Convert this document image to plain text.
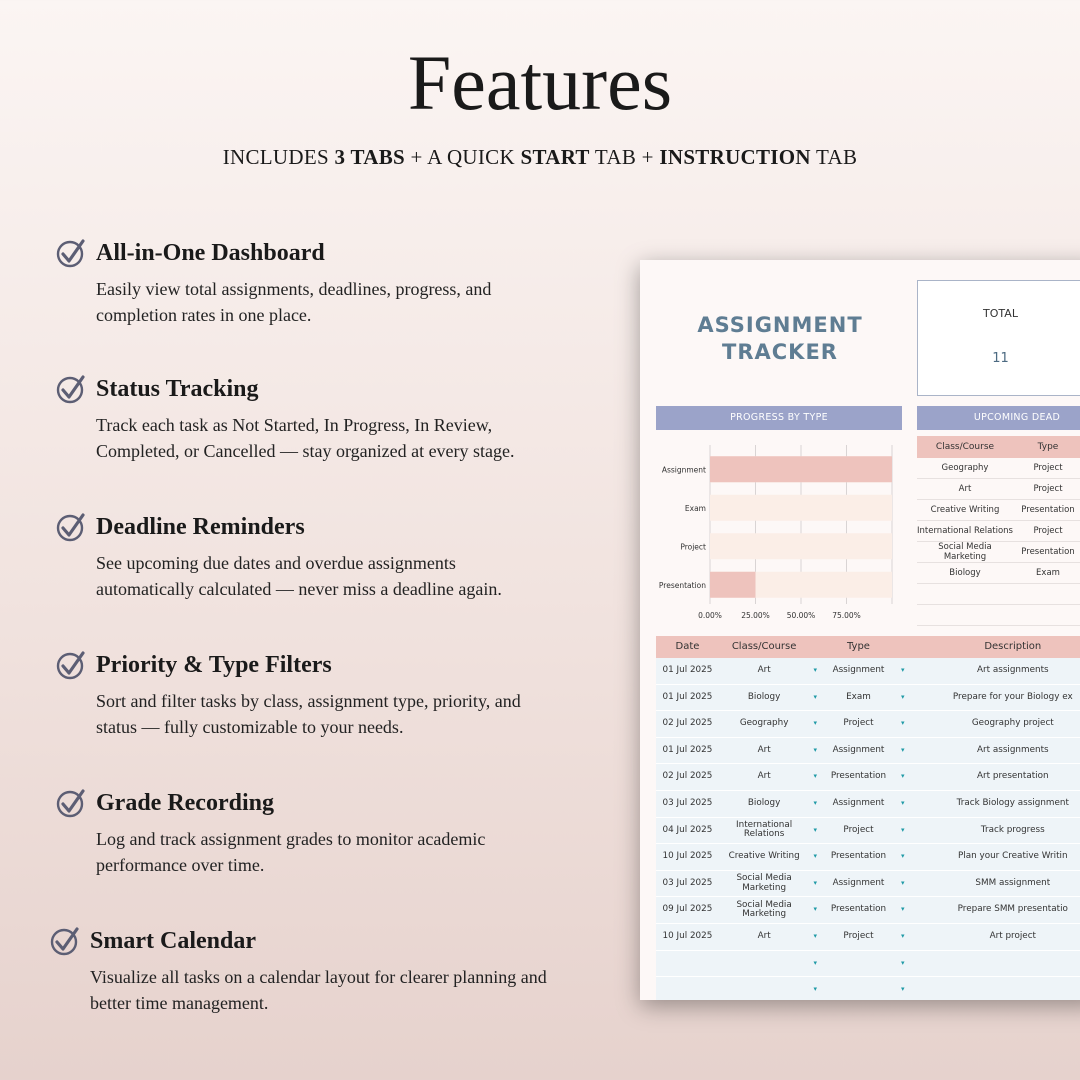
Features
INCLUDES 3 TABS + A QUICK START TAB + INSTRUCTION TAB
All-in-One Dashboard

Easily view total assignments, deadlines, progress, and completion rates in one place.

Status Tracking

Track each task as Not Started, In Progress, In Review, Completed, or Cancelled — stay organized at every stage.

Deadline Reminders

See upcoming due dates and overdue assignments automatically calculated — never miss a deadline again.

Priority & Type Filters

Sort and filter tasks by class, assignment type, priority, and status — fully customizable to your needs.

Grade Recording

Log and track assignment grades to monitor academic performance over time.

Smart Calendar

Visualize all tasks on a calendar layout for clearer planning and better time management.

ASSIGNMENT
TRACKER
TOTAL
11
PROGRESS BY TYPE	UPCOMING DEAD
Assignment
Exam
Project
Presentation
0.00%	25.00% 50.00% 75.00%
Class/Course	Type
Geography	Project
Art	Project
Creative Writing	Presentation
International Relations	Project
Social Media Marketing	Presentation
Biology	Exam
Date	Class/Course	Type	Description
01 Jul 2025	Art	▾	Assignment	▾	Art assignments
01 Jul 2025	Biology	▾	Exam	▾	Prepare for your Biology ex
02 Jul 2025	Geography	▾	Project	▾	Geography project
01 Jul 2025	Art	▾	Assignment	▾	Art assignments
02 Jul 2025	Art	▾	Presentation	▾	Art presentation
03 Jul 2025	Biology	▾	Assignment	▾	Track Biology assignment
04 Jul 2025	International Relations	▾	Project	▾	Track progress
10 Jul 2025	Creative Writing	▾	Presentation	▾	Plan your Creative Writin
03 Jul 2025	Social Media Marketing	▾	Assignment	▾	SMM assignment
09 Jul 2025	Social Media Marketing	▾	Presentation	▾	Prepare SMM presentatio
10 Jul 2025	Art	▾	Project	▾	Art project
▾	▾
▾	▾
